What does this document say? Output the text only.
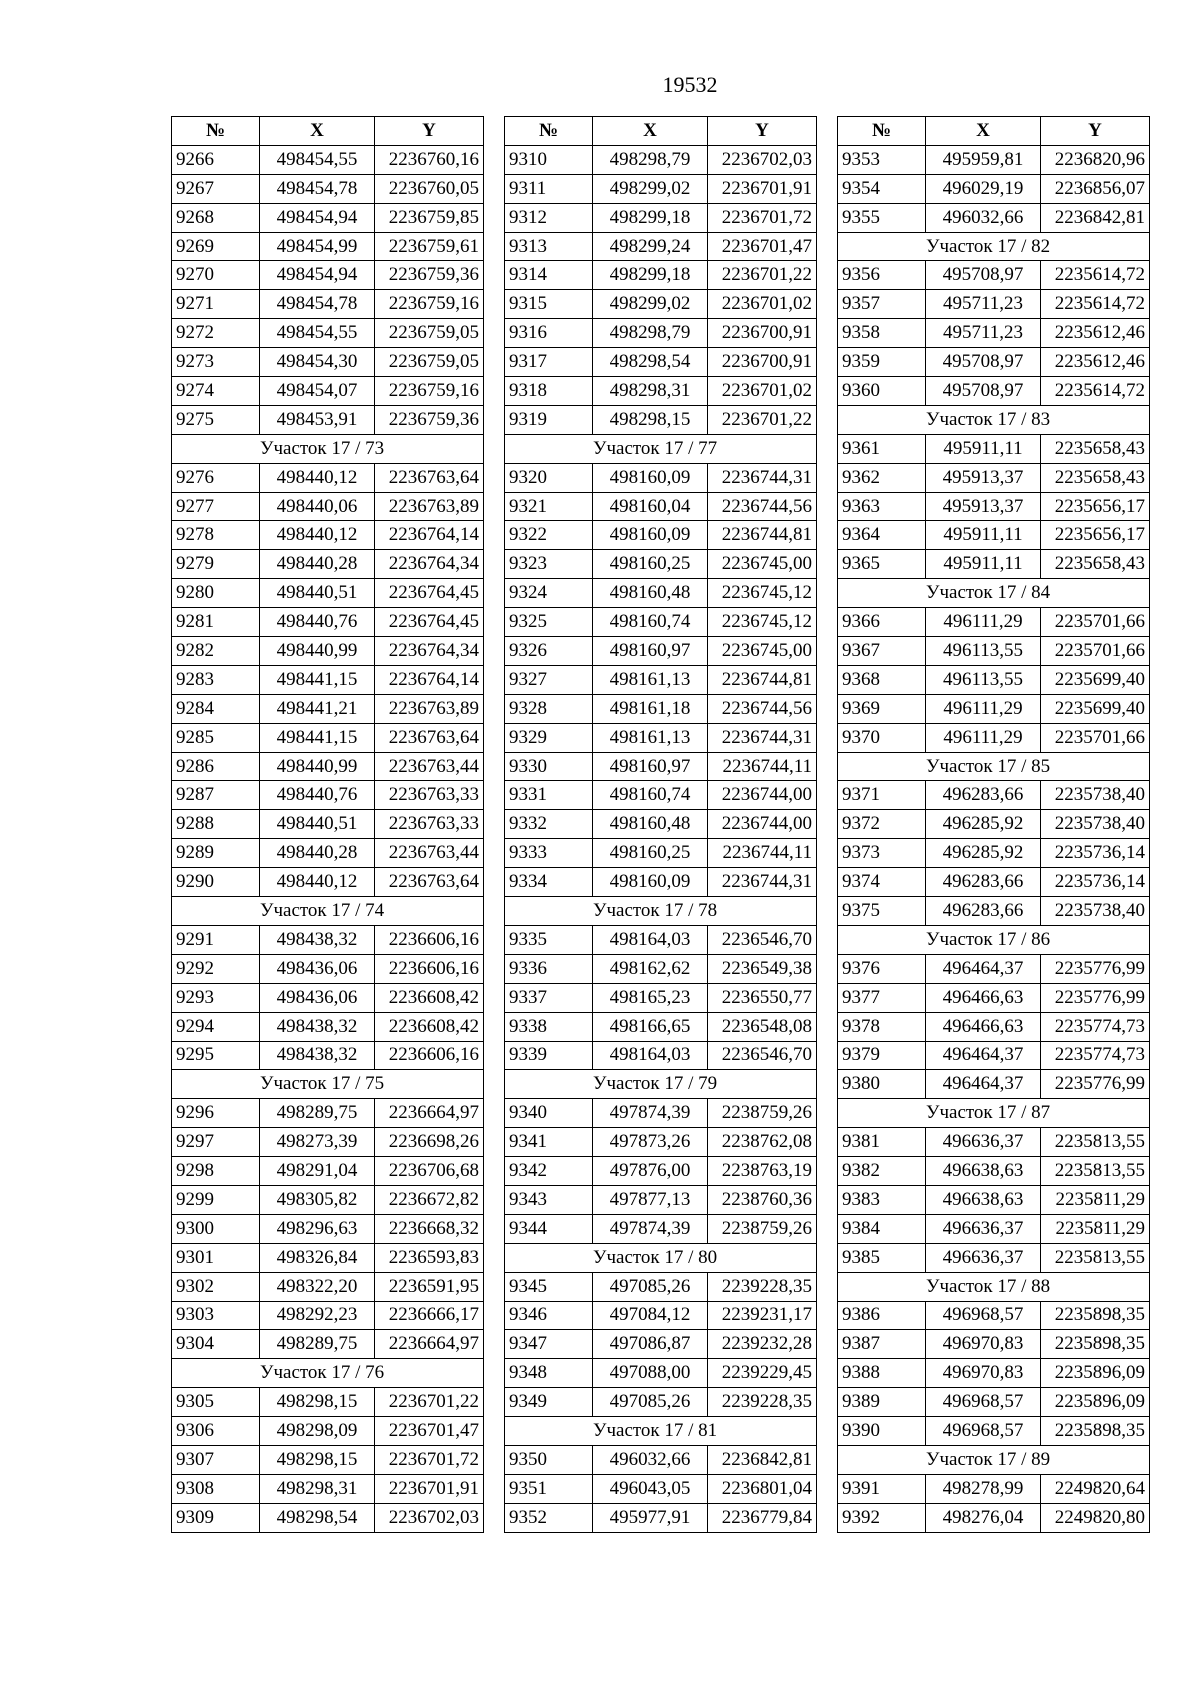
19532
№	X	Y
9266	498454,55	2236760,16
9267	498454,78	2236760,05
9268	498454,94	2236759,85
9269	498454,99	2236759,61
9270	498454,94	2236759,36
9271	498454,78	2236759,16
9272	498454,55	2236759,05
9273	498454,30	2236759,05
9274	498454,07	2236759,16
9275	498453,91	2236759,36
Участок 17 / 73		
9276	498440,12	2236763,64
9277	498440,06	2236763,89
9278	498440,12	2236764,14
9279	498440,28	2236764,34
9280	498440,51	2236764,45
9281	498440,76	2236764,45
9282	498440,99	2236764,34
9283	498441,15	2236764,14
9284	498441,21	2236763,89
9285	498441,15	2236763,64
9286	498440,99	2236763,44
9287	498440,76	2236763,33
9288	498440,51	2236763,33
9289	498440,28	2236763,44
9290	498440,12	2236763,64
Участок 17 / 74		
9291	498438,32	2236606,16
9292	498436,06	2236606,16
9293	498436,06	2236608,42
9294	498438,32	2236608,42
9295	498438,32	2236606,16
Участок 17 / 75		
9296	498289,75	2236664,97
9297	498273,39	2236698,26
9298	498291,04	2236706,68
9299	498305,82	2236672,82
9300	498296,63	2236668,32
9301	498326,84	2236593,83
9302	498322,20	2236591,95
9303	498292,23	2236666,17
9304	498289,75	2236664,97
Участок 17 / 76		
9305	498298,15	2236701,22
9306	498298,09	2236701,47
9307	498298,15	2236701,72
9308	498298,31	2236701,91
9309	498298,54	2236702,03
№	X	Y
9310	498298,79	2236702,03
9311	498299,02	2236701,91
9312	498299,18	2236701,72
9313	498299,24	2236701,47
9314	498299,18	2236701,22
9315	498299,02	2236701,02
9316	498298,79	2236700,91
9317	498298,54	2236700,91
9318	498298,31	2236701,02
9319	498298,15	2236701,22
Участок 17 / 77		
9320	498160,09	2236744,31
9321	498160,04	2236744,56
9322	498160,09	2236744,81
9323	498160,25	2236745,00
9324	498160,48	2236745,12
9325	498160,74	2236745,12
9326	498160,97	2236745,00
9327	498161,13	2236744,81
9328	498161,18	2236744,56
9329	498161,13	2236744,31
9330	498160,97	2236744,11
9331	498160,74	2236744,00
9332	498160,48	2236744,00
9333	498160,25	2236744,11
9334	498160,09	2236744,31
Участок 17 / 78		
9335	498164,03	2236546,70
9336	498162,62	2236549,38
9337	498165,23	2236550,77
9338	498166,65	2236548,08
9339	498164,03	2236546,70
Участок 17 / 79		
9340	497874,39	2238759,26
9341	497873,26	2238762,08
9342	497876,00	2238763,19
9343	497877,13	2238760,36
9344	497874,39	2238759,26
Участок 17 / 80		
9345	497085,26	2239228,35
9346	497084,12	2239231,17
9347	497086,87	2239232,28
9348	497088,00	2239229,45
9349	497085,26	2239228,35
Участок 17 / 81		
9350	496032,66	2236842,81
9351	496043,05	2236801,04
9352	495977,91	2236779,84
№	X	Y
9353	495959,81	2236820,96
9354	496029,19	2236856,07
9355	496032,66	2236842,81
Участок 17 / 82		
9356	495708,97	2235614,72
9357	495711,23	2235614,72
9358	495711,23	2235612,46
9359	495708,97	2235612,46
9360	495708,97	2235614,72
Участок 17 / 83		
9361	495911,11	2235658,43
9362	495913,37	2235658,43
9363	495913,37	2235656,17
9364	495911,11	2235656,17
9365	495911,11	2235658,43
Участок 17 / 84		
9366	496111,29	2235701,66
9367	496113,55	2235701,66
9368	496113,55	2235699,40
9369	496111,29	2235699,40
9370	496111,29	2235701,66
Участок 17 / 85		
9371	496283,66	2235738,40
9372	496285,92	2235738,40
9373	496285,92	2235736,14
9374	496283,66	2235736,14
9375	496283,66	2235738,40
Участок 17 / 86		
9376	496464,37	2235776,99
9377	496466,63	2235776,99
9378	496466,63	2235774,73
9379	496464,37	2235774,73
9380	496464,37	2235776,99
Участок 17 / 87		
9381	496636,37	2235813,55
9382	496638,63	2235813,55
9383	496638,63	2235811,29
9384	496636,37	2235811,29
9385	496636,37	2235813,55
Участок 17 / 88		
9386	496968,57	2235898,35
9387	496970,83	2235898,35
9388	496970,83	2235896,09
9389	496968,57	2235896,09
9390	496968,57	2235898,35
Участок 17 / 89		
9391	498278,99	2249820,64
9392	498276,04	2249820,80
